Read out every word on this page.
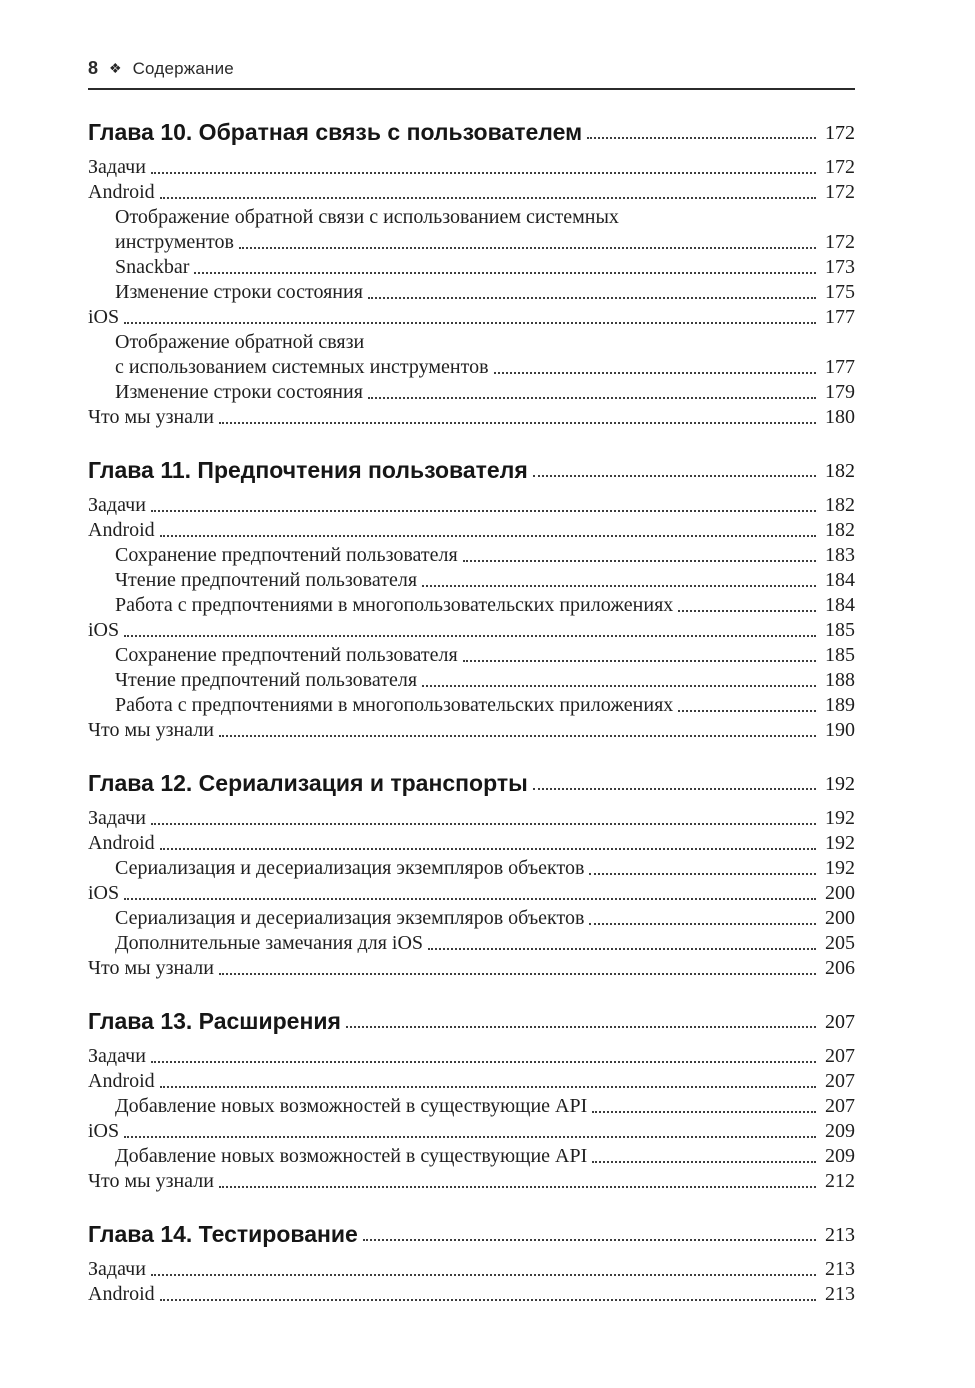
8 ❖ Содержание
Глава 10. Обратная связь с пользователем	172
Задачи	172
Android	172
Отображение обратной связи с использованием системных
инструментов	172
Snackbar	173
Изменение строки состояния	175
iOS	177
Отображение обратной связи
с использованием системных инструментов	177
Изменение строки состояния	179
Что мы узнали	180
Глава 11. Предпочтения пользователя	182
Задачи	182
Android	182
Сохранение предпочтений пользователя	183
Чтение предпочтений пользователя	184
Работа с предпочтениями в многопользовательских приложениях	184
iOS	185
Сохранение предпочтений пользователя	185
Чтение предпочтений пользователя	188
Работа с предпочтениями в многопользовательских приложениях	189
Что мы узнали	190
Глава 12. Сериализация и транспорты	192
Задачи	192
Android	192
Сериализация и десериализация экземпляров объектов	192
iOS	200
Сериализация и десериализация экземпляров объектов	200
Дополнительные замечания для iOS	205
Что мы узнали	206
Глава 13. Расширения	207
Задачи	207
Android	207
Добавление новых возможностей в существующие API	207
iOS	209
Добавление новых возможностей в существующие API	209
Что мы узнали	212
Глава 14. Тестирование	213
Задачи	213
Android	213
